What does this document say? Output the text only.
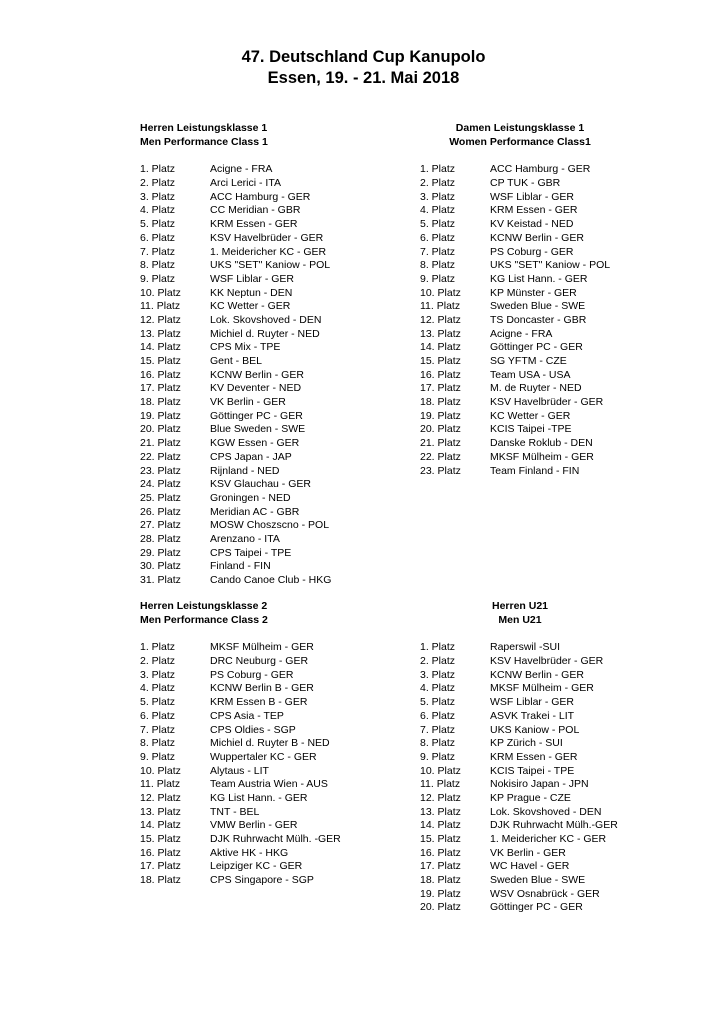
47. Deutschland Cup Kanupolo
Essen, 19. - 21. Mai 2018
Herren Leistungsklasse 1
Men Performance Class 1
1. Platz	Acigne - FRA
2. Platz	Arci Lerici - ITA
3. Platz	ACC Hamburg - GER
4. Platz	CC Meridian - GBR
5. Platz	KRM Essen - GER
6. Platz	KSV Havelbrüder - GER
7. Platz	1. Meidericher KC - GER
8. Platz	UKS "SET" Kaniow - POL
9. Platz	WSF Liblar - GER
10. Platz	KK Neptun - DEN
11. Platz	KC Wetter - GER
12. Platz	Lok. Skovshoved - DEN
13. Platz	Michiel d. Ruyter - NED
14. Platz	CPS Mix - TPE
15. Platz	Gent - BEL
16. Platz	KCNW Berlin - GER
17. Platz	KV Deventer - NED
18. Platz	VK Berlin - GER
19. Platz	Göttinger PC - GER
20. Platz	Blue Sweden - SWE
21. Platz	KGW Essen - GER
22. Platz	CPS Japan - JAP
23. Platz	Rijnland - NED
24. Platz	KSV Glauchau - GER
25. Platz	Groningen - NED
26. Platz	Meridian AC - GBR
27. Platz	MOSW Choszscno - POL
28. Platz	Arenzano - ITA
29. Platz	CPS Taipei - TPE
30. Platz	Finland - FIN
31. Platz	Cando Canoe Club - HKG
Damen Leistungsklasse 1
Women Performance Class1
1. Platz	ACC Hamburg - GER
2. Platz	CP TUK - GBR
3. Platz	WSF Liblar - GER
4. Platz	KRM Essen - GER
5. Platz	KV Keistad - NED
6. Platz	KCNW Berlin - GER
7. Platz	PS Coburg - GER
8. Platz	UKS "SET" Kaniow - POL
9. Platz	KG List Hann. - GER
10. Platz	KP Münster - GER
11. Platz	Sweden Blue - SWE
12. Platz	TS Doncaster - GBR
13. Platz	Acigne - FRA
14. Platz	Göttinger PC - GER
15. Platz	SG YFTM - CZE
16. Platz	Team USA - USA
17. Platz	M. de Ruyter - NED
18. Platz	KSV Havelbrüder - GER
19. Platz	KC Wetter - GER
20. Platz	KCIS Taipei -TPE
21. Platz	Danske Roklub - DEN
22. Platz	MKSF Mülheim - GER
23. Platz	Team Finland - FIN
Herren Leistungsklasse 2
Men Performance Class 2
1. Platz	MKSF Mülheim - GER
2. Platz	DRC Neuburg - GER
3. Platz	PS Coburg - GER
4. Platz	KCNW Berlin B - GER
5. Platz	KRM Essen B - GER
6. Platz	CPS Asia - TEP
7. Platz	CPS Oldies - SGP
8. Platz	Michiel d. Ruyter B - NED
9. Platz	Wuppertaler KC - GER
10. Platz	Alytaus - LIT
11. Platz	Team Austria Wien - AUS
12. Platz	KG List Hann. - GER
13. Platz	TNT - BEL
14. Platz	VMW Berlin - GER
15. Platz	DJK Ruhrwacht Mülh. -GER
16. Platz	Aktive HK - HKG
17. Platz	Leipziger KC - GER
18. Platz	CPS Singapore - SGP
Herren U21
Men U21
1. Platz	Raperswil -SUI
2. Platz	KSV Havelbrüder - GER
3. Platz	KCNW Berlin - GER
4. Platz	MKSF Mülheim - GER
5. Platz	WSF Liblar - GER
6. Platz	ASVK Trakei - LIT
7. Platz	UKS Kaniow - POL
8. Platz	KP Zürich - SUI
9. Platz	KRM Essen - GER
10. Platz	KCIS Taipei - TPE
11. Platz	Nokisiro Japan - JPN
12. Platz	KP Prague - CZE
13. Platz	Lok. Skovshoved - DEN
14. Platz	DJK Ruhrwacht Mülh.-GER
15. Platz	1. Meidericher KC - GER
16. Platz	VK Berlin - GER
17. Platz	WC Havel - GER
18. Platz	Sweden Blue - SWE
19. Platz	WSV Osnabrück - GER
20. Platz	Göttinger PC - GER
